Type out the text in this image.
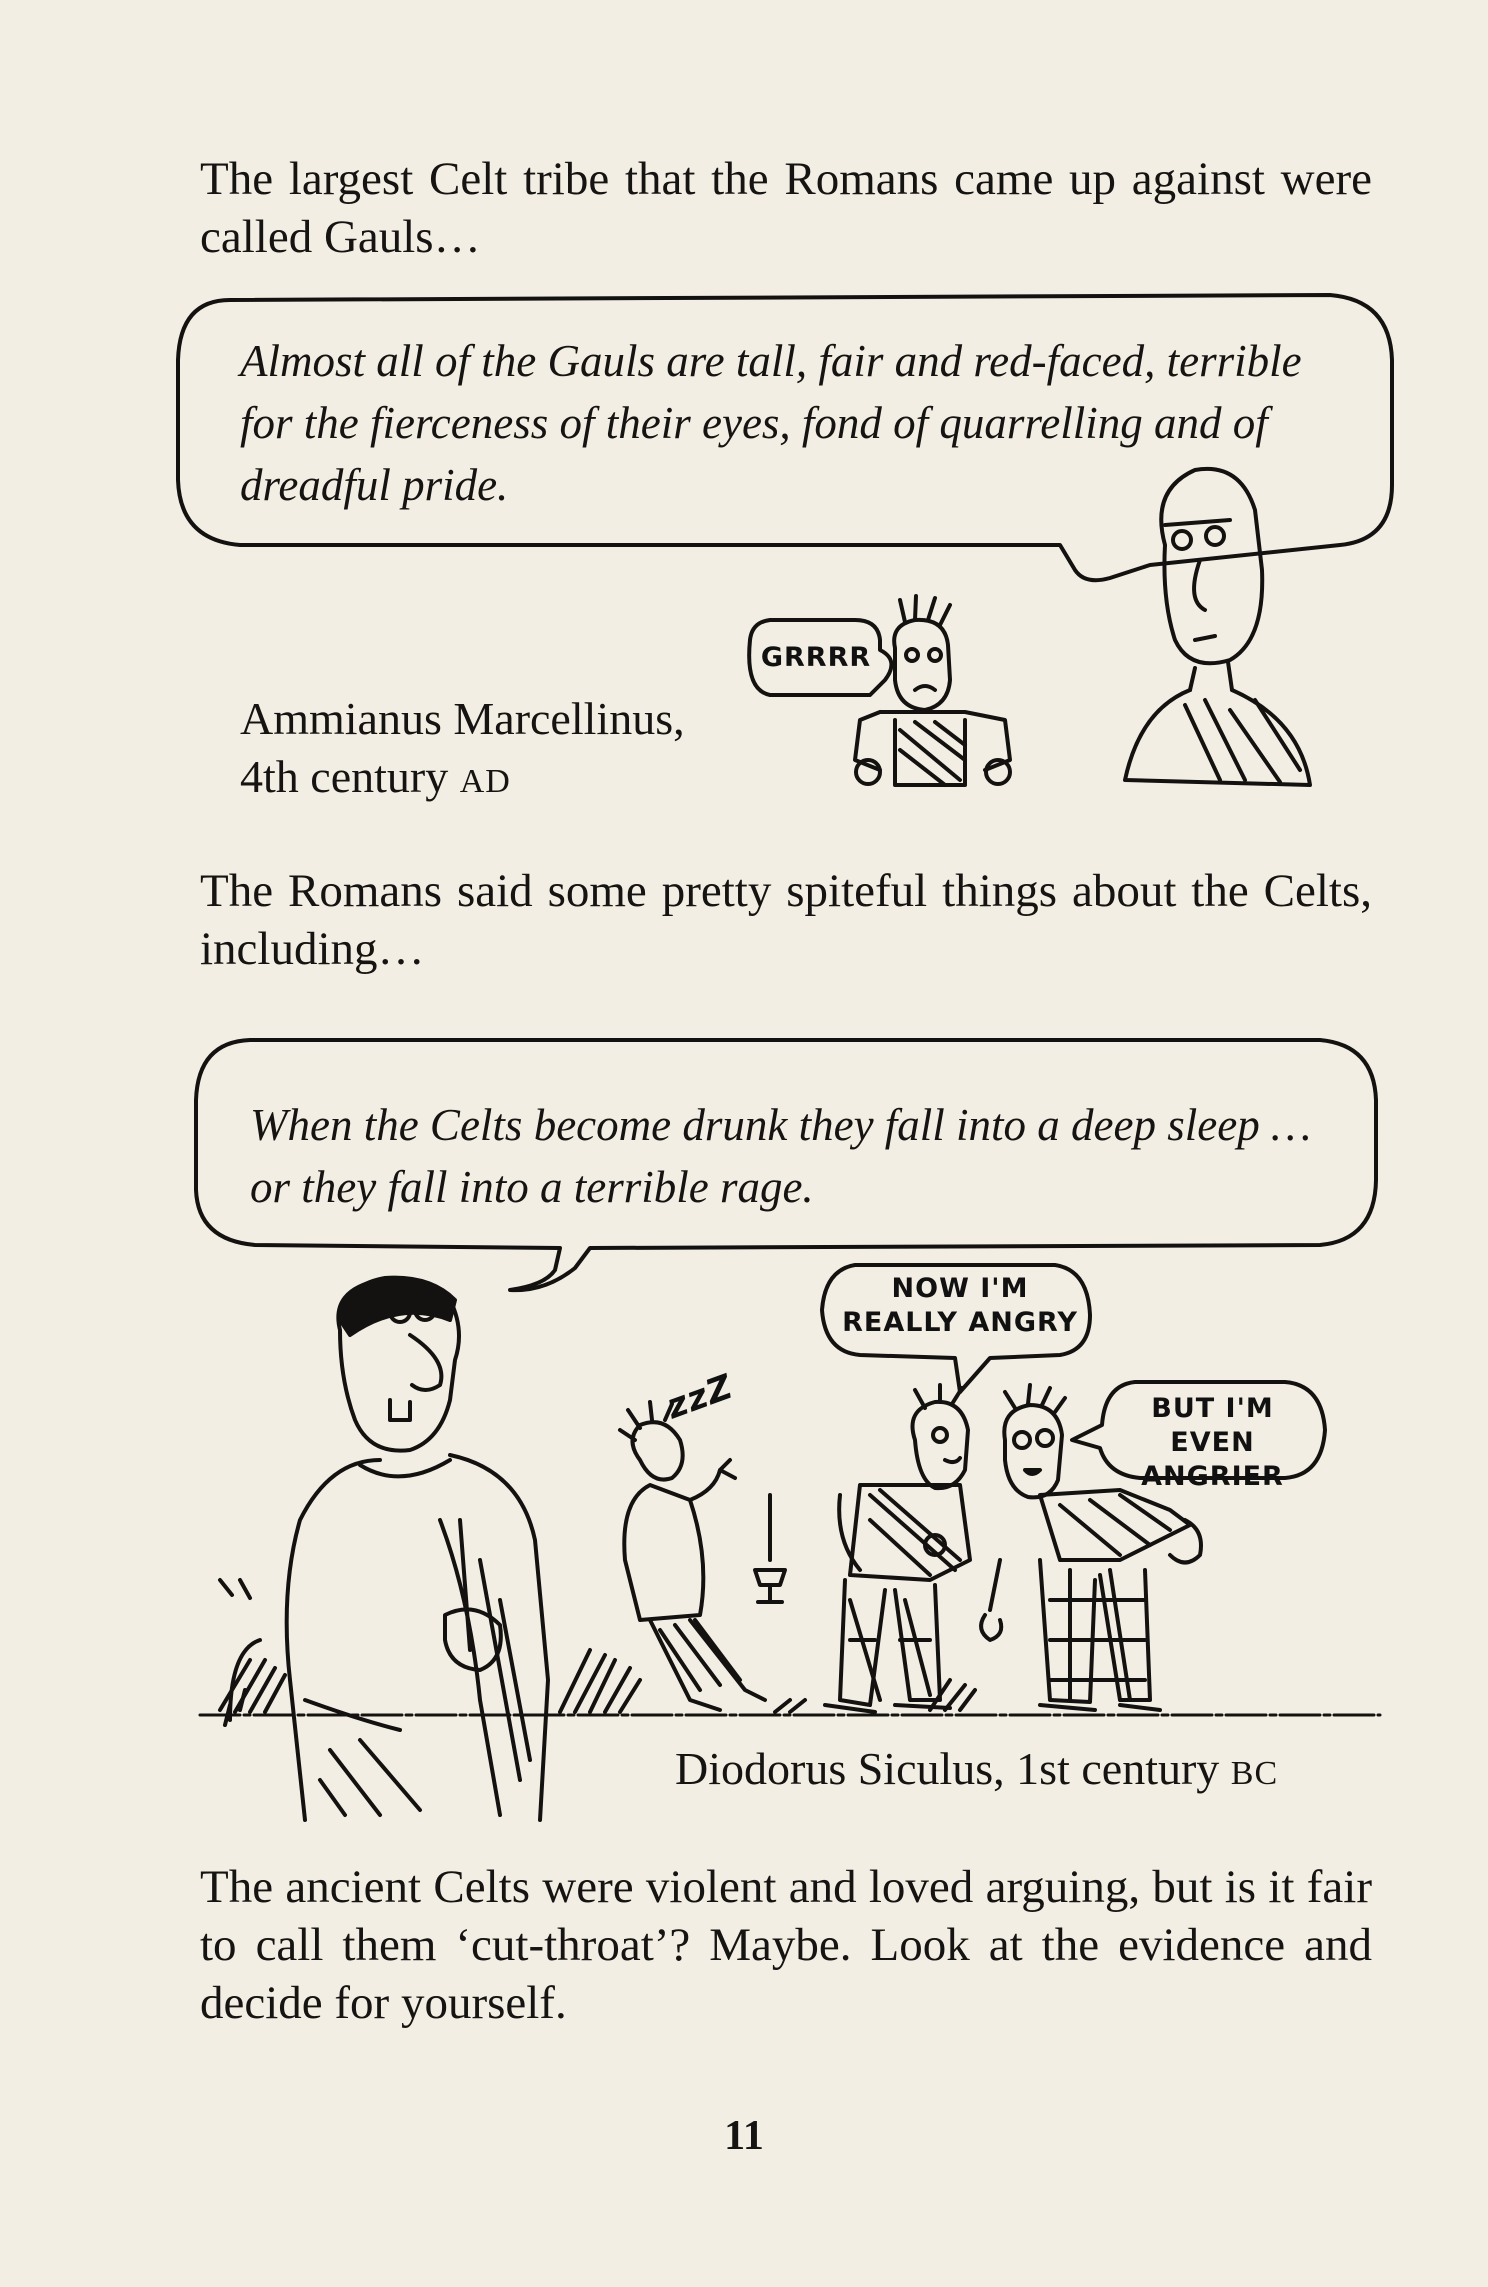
The largest Celt tribe that the Romans came up against were called Gauls…

Almost all of the Gauls are tall, fair and red-faced, terrible for the fierceness of their eyes, fond of quarrelling and of dreadful pride.
GRRRR
Ammianus Marcellinus,
4th century AD

The Romans said some pretty spiteful things about the Celts, including…

When the Celts become drunk they fall into a deep sleep … or they fall into a terrible rage.
NOW I'M
REALLY ANGRY
BUT I'M EVEN
ANGRIER
zzZ
Diodorus Siculus, 1st century BC

The ancient Celts were violent and loved arguing, but is it fair to call them ‘cut-throat’? Maybe. Look at the evidence and decide for yourself.

11
